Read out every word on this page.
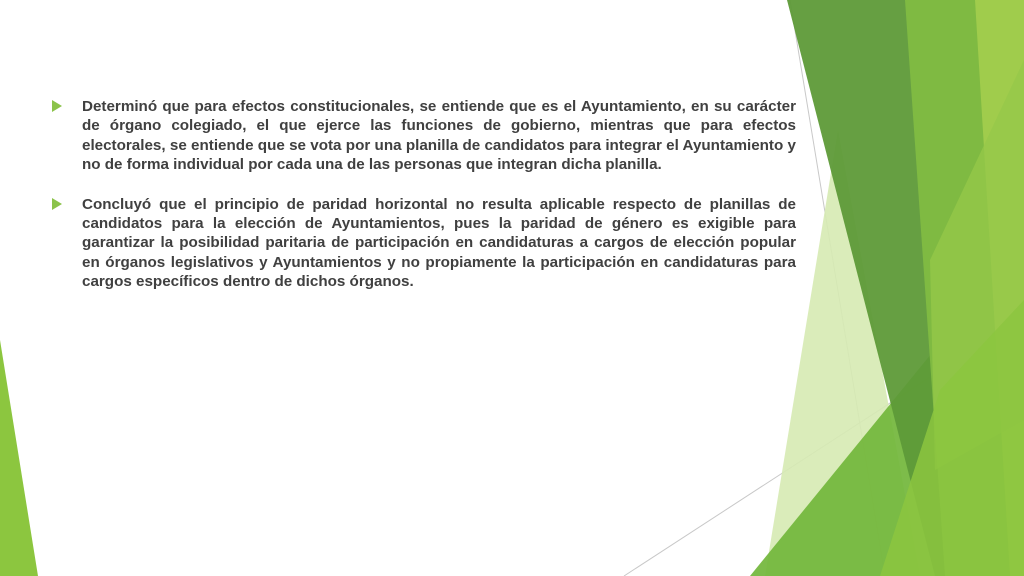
Determinó que para efectos constitucionales, se entiende que es el Ayuntamiento, en su carácter de órgano colegiado, el que ejerce las funciones de gobierno, mientras que para efectos electorales, se entiende que se vota por una planilla de candidatos para integrar el Ayuntamiento y no de forma individual por cada una de las personas que integran dicha planilla.
Concluyó que el principio de paridad horizontal no resulta aplicable respecto de planillas de candidatos para la elección de Ayuntamientos, pues la paridad de género es exigible para garantizar la posibilidad paritaria de participación en candidaturas a cargos de elección popular en órganos legislativos y Ayuntamientos y no propiamente la participación en candidaturas para cargos específicos dentro de dichos órganos.
